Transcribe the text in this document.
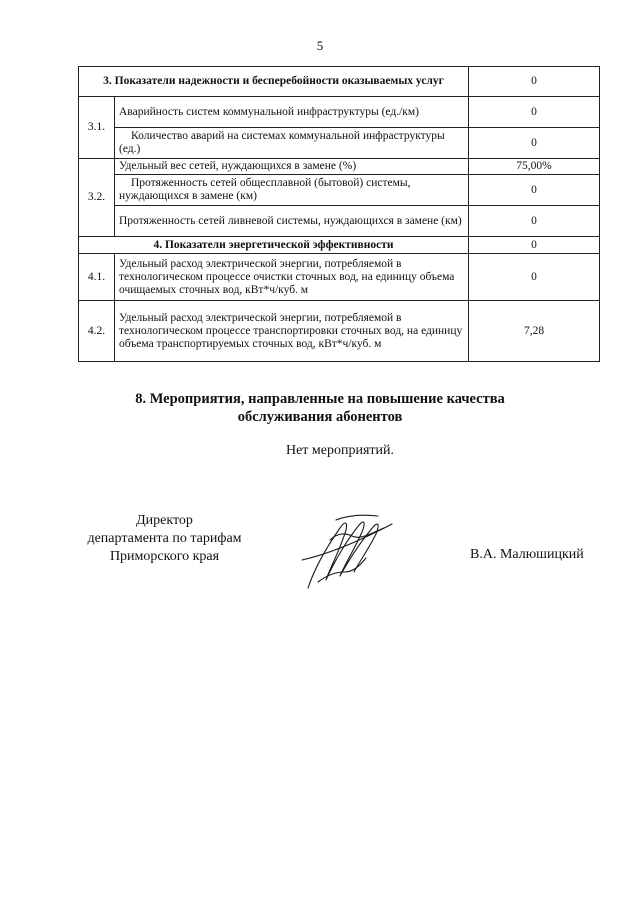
5
3. Показатели надежности и бесперебойности оказываемых услуг		0
3.1.	Аварийность систем коммунальной инфраструктуры (ед./км)	0
	Количество аварий на системах коммунальной инфраструктуры (ед.)	0
3.2.	Удельный вес сетей, нуждающихся в замене (%)	75,00%
	Протяженность сетей общесплавной (бытовой) системы, нуждающихся в замене (км)	0
	Протяженность сетей ливневой системы, нуждающихся в замене (км)	0
4. Показатели энергетической эффективности		0
4.1.	Удельный расход электрической энергии, потребляемой в технологическом процессе очистки сточных вод, на единицу объема очищаемых сточных вод, кВт*ч/куб. м	0
4.2.	Удельный расход электрической энергии, потребляемой в технологическом процессе транспортировки сточных вод, на единицу объема транспортируемых сточных вод, кВт*ч/куб. м	7,28
8. Мероприятия, направленные на повышение качества
обслуживания абонентов
Нет мероприятий.
Директор
департамента по тарифам
Приморского края	В.А. Малюшицкий
